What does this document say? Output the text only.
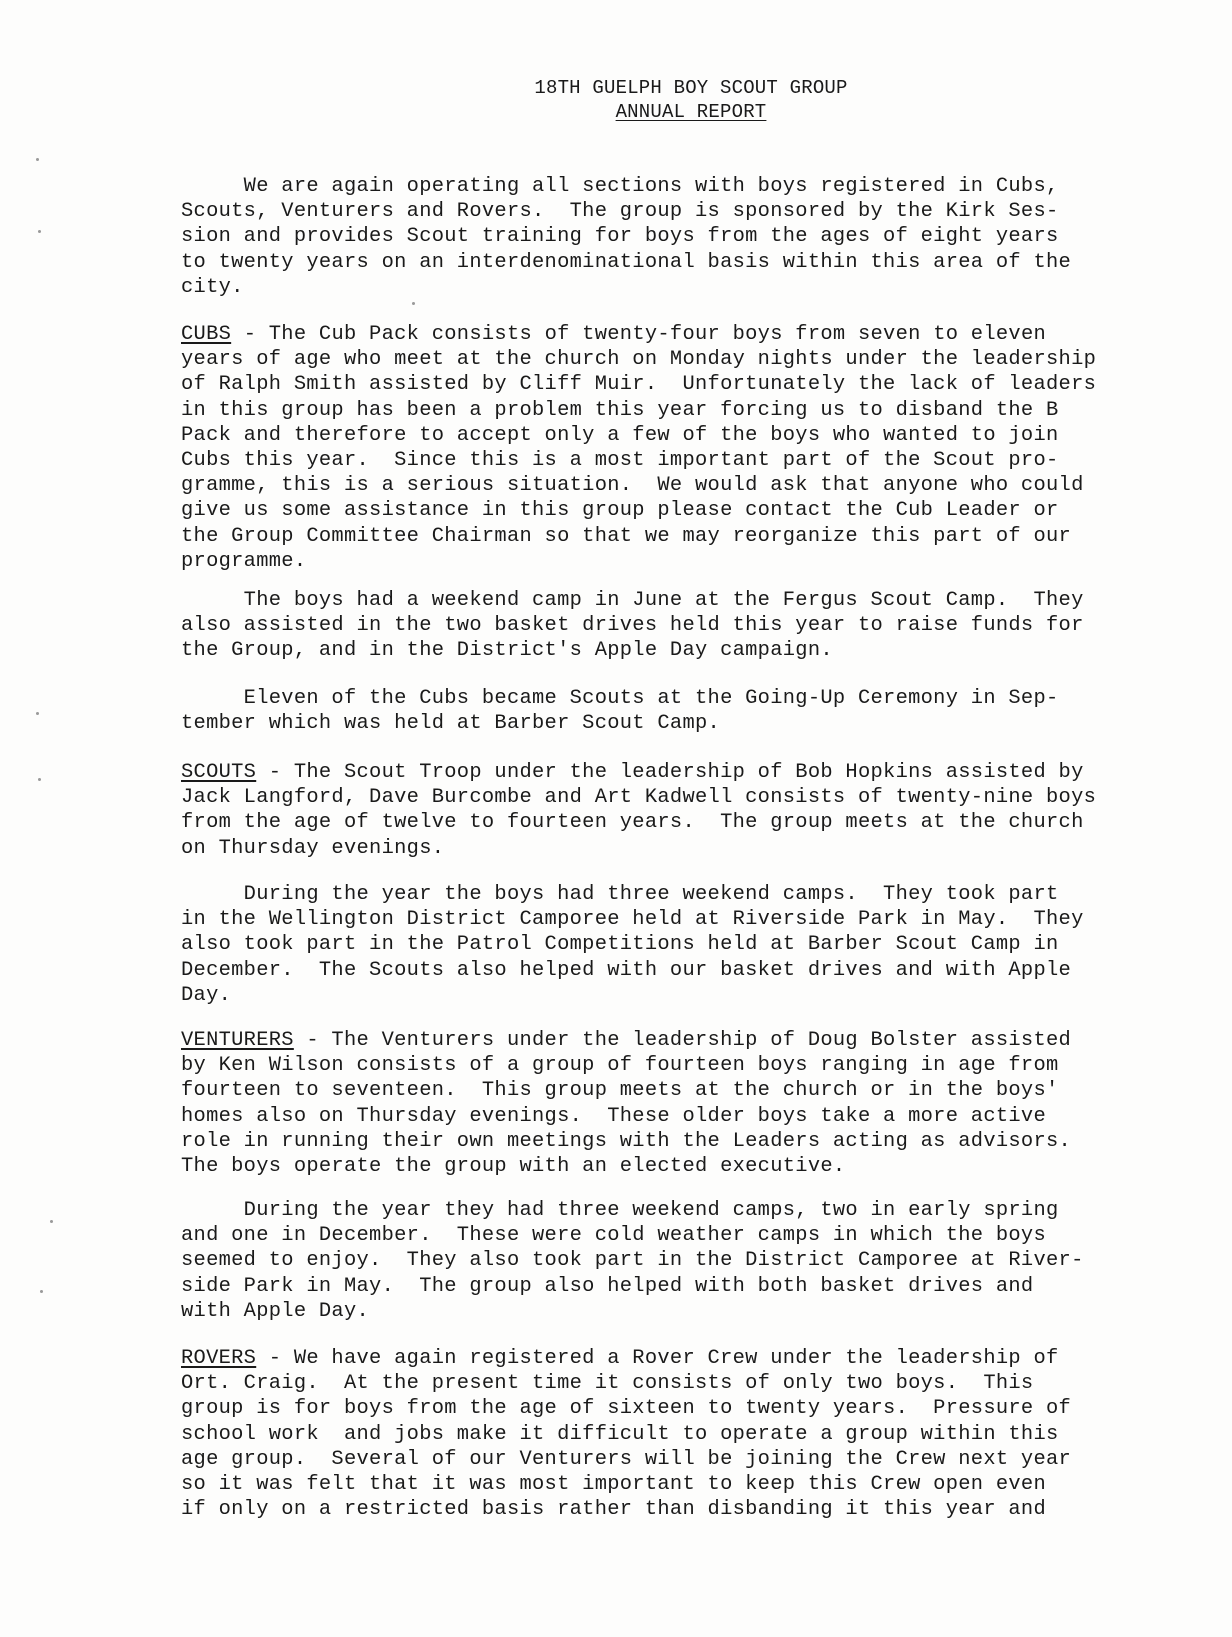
18TH GUELPH BOY SCOUT GROUP
ANNUAL REPORT
We are again operating all sections with boys registered in Cubs,
Scouts, Venturers and Rovers.  The group is sponsored by the Kirk Ses-
sion and provides Scout training for boys from the ages of eight years
to twenty years on an interdenominational basis within this area of the
city.
CUBS - The Cub Pack consists of twenty-four boys from seven to eleven
years of age who meet at the church on Monday nights under the leadership
of Ralph Smith assisted by Cliff Muir.  Unfortunately the lack of leaders
in this group has been a problem this year forcing us to disband the B
Pack and therefore to accept only a few of the boys who wanted to join
Cubs this year.  Since this is a most important part of the Scout pro-
gramme, this is a serious situation.  We would ask that anyone who could
give us some assistance in this group please contact the Cub Leader or
the Group Committee Chairman so that we may reorganize this part of our
programme.
The boys had a weekend camp in June at the Fergus Scout Camp.  They
also assisted in the two basket drives held this year to raise funds for
the Group, and in the District's Apple Day campaign.
Eleven of the Cubs became Scouts at the Going-Up Ceremony in Sep-
tember which was held at Barber Scout Camp.
SCOUTS - The Scout Troop under the leadership of Bob Hopkins assisted by
Jack Langford, Dave Burcombe and Art Kadwell consists of twenty-nine boys
from the age of twelve to fourteen years.  The group meets at the church
on Thursday evenings.
During the year the boys had three weekend camps.  They took part
in the Wellington District Camporee held at Riverside Park in May.  They
also took part in the Patrol Competitions held at Barber Scout Camp in
December.  The Scouts also helped with our basket drives and with Apple
Day.
VENTURERS - The Venturers under the leadership of Doug Bolster assisted
by Ken Wilson consists of a group of fourteen boys ranging in age from
fourteen to seventeen.  This group meets at the church or in the boys'
homes also on Thursday evenings.  These older boys take a more active
role in running their own meetings with the Leaders acting as advisors.
The boys operate the group with an elected executive.
During the year they had three weekend camps, two in early spring
and one in December.  These were cold weather camps in which the boys
seemed to enjoy.  They also took part in the District Camporee at River-
side Park in May.  The group also helped with both basket drives and
with Apple Day.
ROVERS - We have again registered a Rover Crew under the leadership of
Ort. Craig.  At the present time it consists of only two boys.  This
group is for boys from the age of sixteen to twenty years.  Pressure of
school work  and jobs make it difficult to operate a group within this
age group.  Several of our Venturers will be joining the Crew next year
so it was felt that it was most important to keep this Crew open even
if only on a restricted basis rather than disbanding it this year and
